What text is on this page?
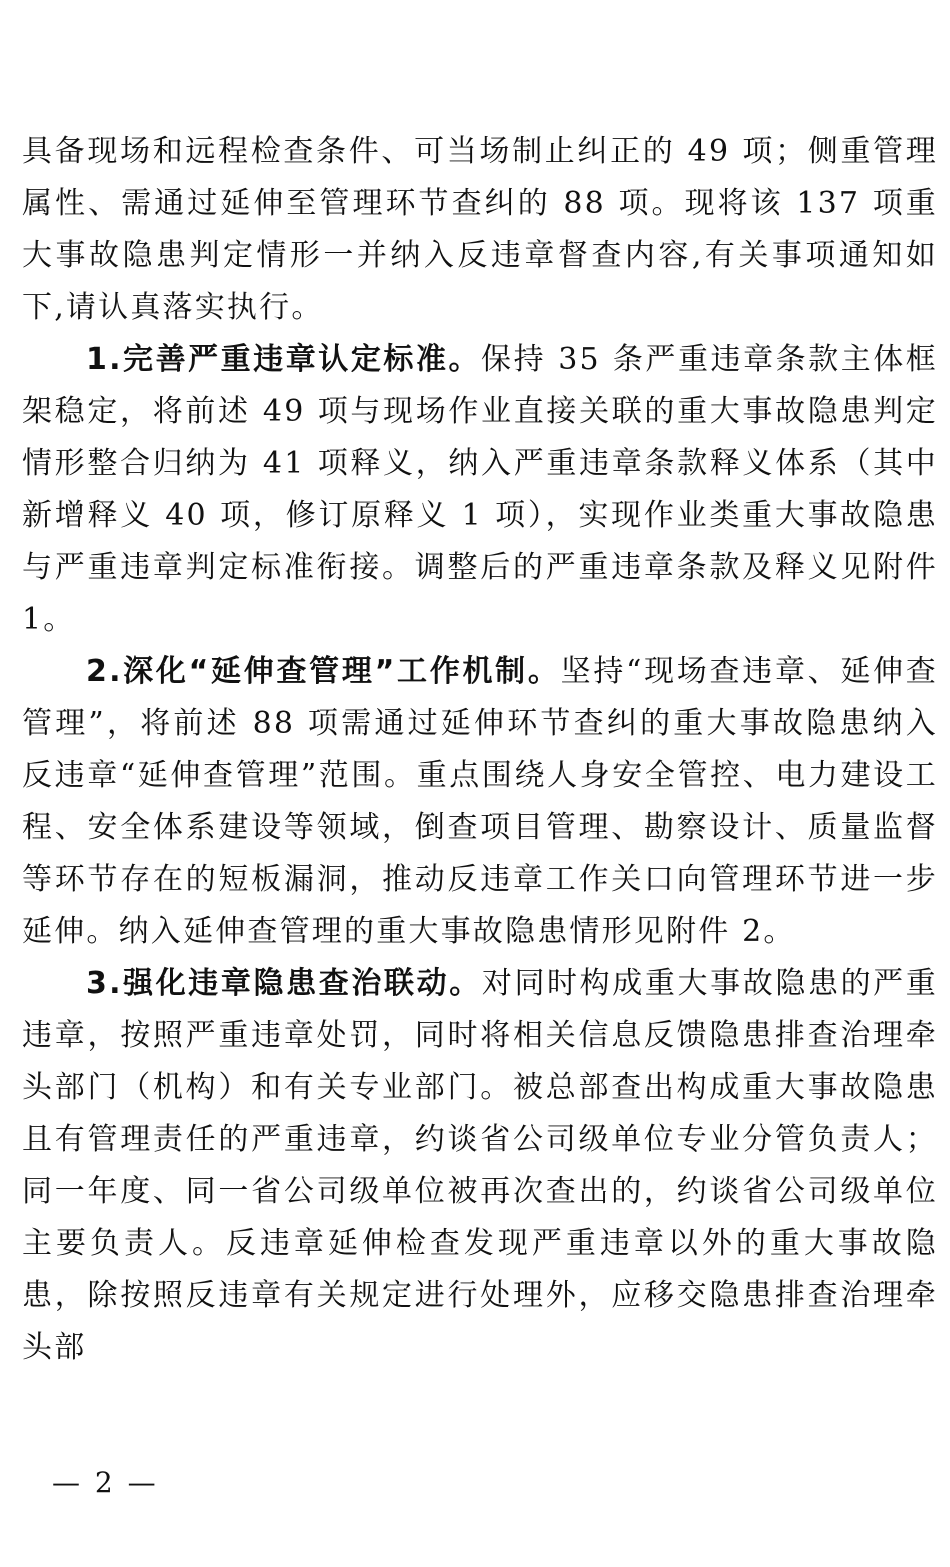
具备现场和远程检查条件、可当场制止纠正的 49 项；侧重管理属性、需通过延伸至管理环节查纠的 88 项。现将该 137 项重大事故隐患判定情形一并纳入反违章督查内容,有关事项通知如下,请认真落实执行。

1.完善严重违章认定标准。保持 35 条严重违章条款主体框架稳定，将前述 49 项与现场作业直接关联的重大事故隐患判定情形整合归纳为 41 项释义，纳入严重违章条款释义体系（其中新增释义 40 项，修订原释义 1 项），实现作业类重大事故隐患与严重违章判定标准衔接。调整后的严重违章条款及释义见附件 1。

2.深化“延伸查管理”工作机制。坚持“现场查违章、延伸查管理”，将前述 88 项需通过延伸环节查纠的重大事故隐患纳入反违章“延伸查管理”范围。重点围绕人身安全管控、电力建设工程、安全体系建设等领域，倒查项目管理、勘察设计、质量监督等环节存在的短板漏洞，推动反违章工作关口向管理环节进一步延伸。纳入延伸查管理的重大事故隐患情形见附件 2。

3.强化违章隐患查治联动。对同时构成重大事故隐患的严重违章，按照严重违章处罚，同时将相关信息反馈隐患排查治理牵头部门（机构）和有关专业部门。被总部查出构成重大事故隐患且有管理责任的严重违章，约谈省公司级单位专业分管负责人；同一年度、同一省公司级单位被再次查出的，约谈省公司级单位主要负责人。反违章延伸检查发现严重违章以外的重大事故隐患，除按照反违章有关规定进行处理外，应移交隐患排查治理牵头部

— 2 —
